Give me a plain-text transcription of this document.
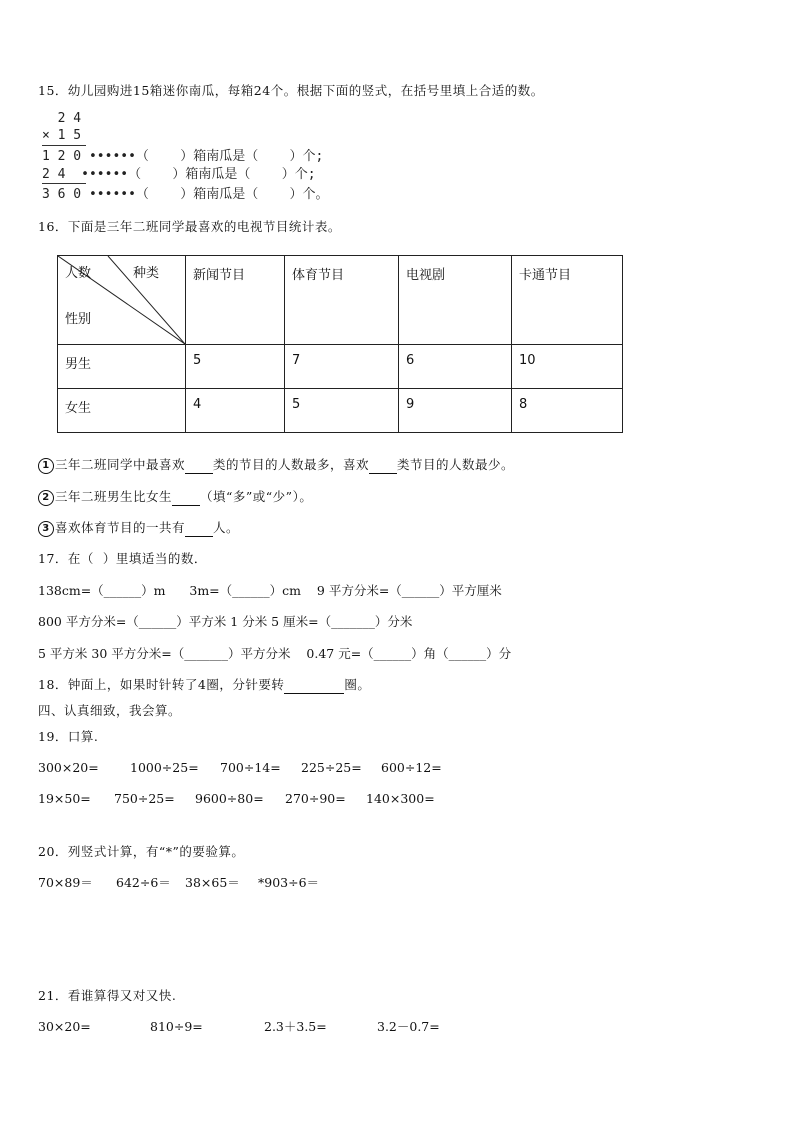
15．幼儿园购进15箱迷你南瓜，每箱24个。根据下面的竖式，在括号里填上合适的数。
2 4
× 1 5
1 2 0 ••••••（    ）箱南瓜是（    ）个;
2 4  ••••••（    ）箱南瓜是（    ）个;
3 6 0 ••••••（    ）箱南瓜是（    ）个。
16．下面是三年二班同学最喜欢的电视节目统计表。
人数 种类
性别	新闻节目	体育节目	电视剧	卡通节目

男生	5	7	6	10

女生	4	5	9	8
1 三年二班同学中最喜欢 类的节目的人数最多，喜欢 类节目的人数最少。
2 三年二班男生比女生 （填“多”或“少”）。
3 喜欢体育节目的一共有 人。
17．在（  ）里填适当的数．
138cm=（______）m      3m=（______）cm    9 平方分米=（______）平方厘米
800 平方分米=（______）平方米 1 分米 5 厘米=（_______）分米
5 平方米 30 平方分米=（_______）平方分米    0.47 元=（______）角（______）分
18．钟面上，如果时针转了4圈，分针要转	圈。
四、认真细致，我会算。
19．口算.
300×20=	1000÷25= 700÷14= 225÷25= 600÷12=
19×50= 750÷25= 9600÷80= 270÷90= 140×300=
20．列竖式计算，有“*”的要验算。
70×89＝ 642÷6＝ 38×65＝ *903÷6＝
21．看谁算得又对又快.
30×20=	810÷9=	2.3＋3.5=	3.2－0.7=
